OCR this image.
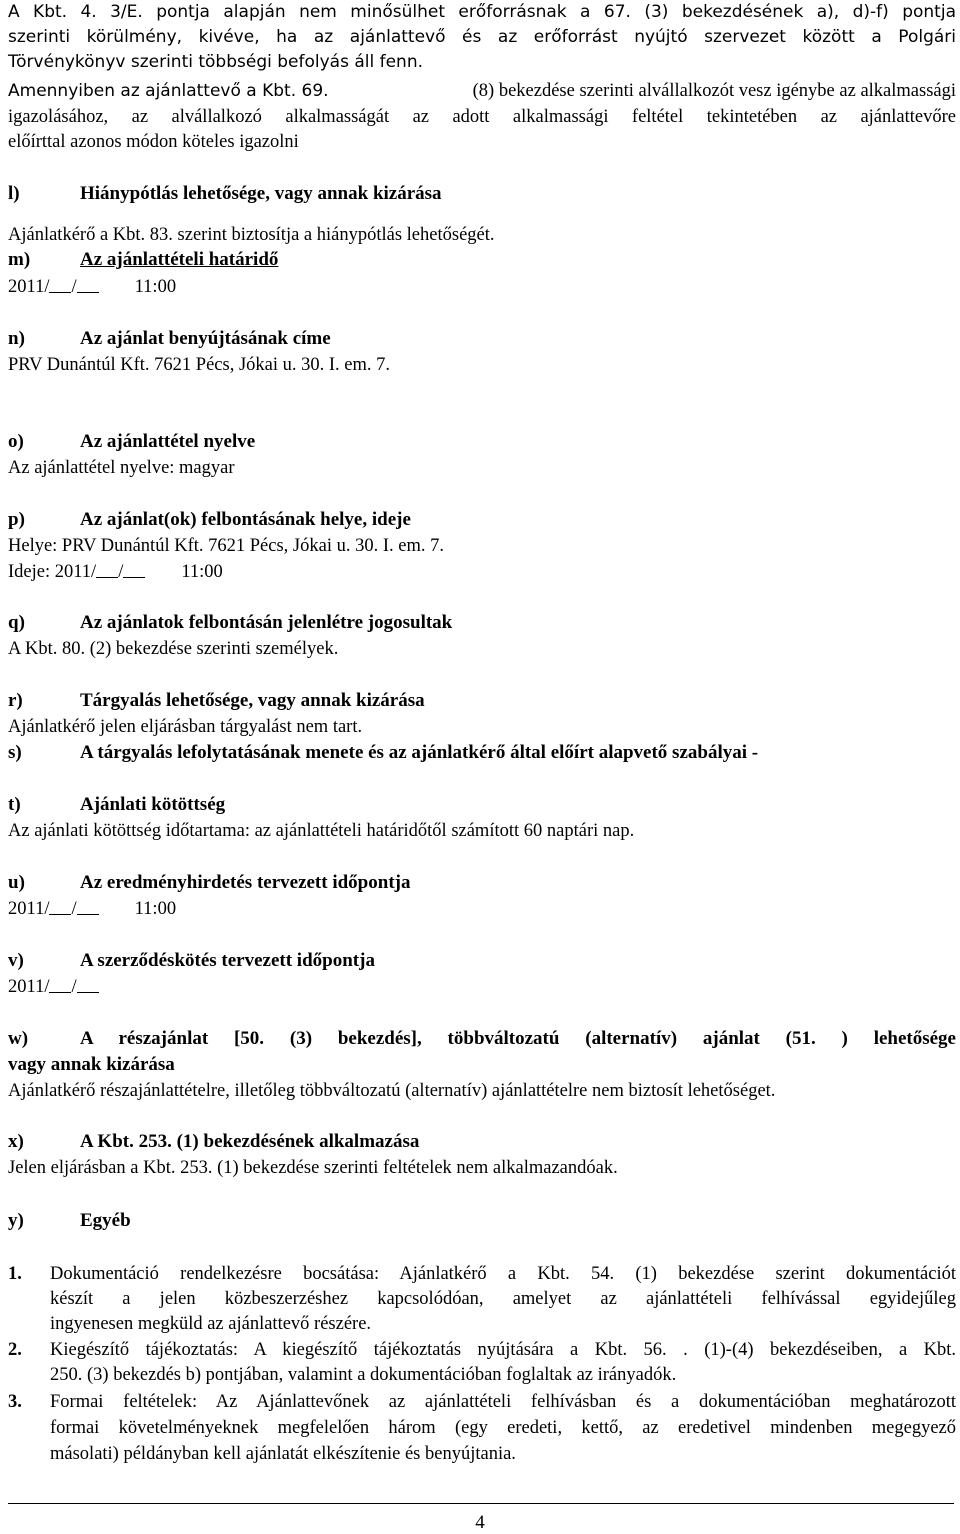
A Kbt. 4. 3/E. pontja alapján nem minősülhet erőforrásnak a 67. (3) bekezdésének a), d)-f) pontja
szerinti körülmény, kivéve, ha az ajánlattevő és az erőforrást nyújtó szervezet között a Polgári
Törvénykönyv szerinti többségi befolyás áll fenn.
Amennyiben az ajánlattevő a Kbt. 69.	(8) bekezdése szerinti alvállalkozót vesz igénybe az alkalmassági
igazolásához, az alvállalkozó alkalmasságát az adott alkalmassági feltétel tekintetében az ajánlattevőre
előírttal azonos módon köteles igazolni
l)	Hiánypótlás lehetősége, vagy annak kizárása
Ajánlatkérő a Kbt. 83. szerint biztosítja a hiánypótlás lehetőségét.
m)	Az ajánlattételi határidő
2011/ /	11:00
n)	Az ajánlat benyújtásának címe
PRV Dunántúl Kft. 7621 Pécs, Jókai u. 30. I. em. 7.
o)	Az ajánlattétel nyelve
Az ajánlattétel nyelve: magyar
p)	Az ajánlat(ok) felbontásának helye, ideje
Helye: PRV Dunántúl Kft. 7621 Pécs, Jókai u. 30. I. em. 7.
Ideje: 2011/ /	11:00
q)	Az ajánlatok felbontásán jelenlétre jogosultak
A Kbt. 80. (2) bekezdése szerinti személyek.
r)	Tárgyalás lehetősége, vagy annak kizárása
Ajánlatkérő jelen eljárásban tárgyalást nem tart.
s)	A tárgyalás lefolytatásának menete és az ajánlatkérő által előírt alapvető szabályai -
t)	Ajánlati kötöttség
Az ajánlati kötöttség időtartama: az ajánlattételi határidőtől számított 60 naptári nap.
u)	Az eredményhirdetés tervezett időpontja
2011/ /	11:00
v)	A szerződéskötés tervezett időpontja
2011/ /
w)	A részajánlat [50. (3) bekezdés], többváltozatú (alternatív) ajánlat (51. ) lehetősége
vagy annak kizárása
Ajánlatkérő részajánlattételre, illetőleg többváltozatú (alternatív) ajánlattételre nem biztosít lehetőséget.
x)	A Kbt. 253. (1) bekezdésének alkalmazása
Jelen eljárásban a Kbt. 253. (1) bekezdése szerinti feltételek nem alkalmazandóak.
y)	Egyéb
1. Dokumentáció rendelkezésre bocsátása: Ajánlatkérő a Kbt. 54. (1) bekezdése szerint dokumentációt
készít a jelen közbeszerzéshez kapcsolódóan, amelyet az ajánlattételi felhívással egyidejűleg
ingyenesen megküld az ajánlattevő részére.
2. Kiegészítő tájékoztatás: A kiegészítő tájékoztatás nyújtására a Kbt. 56. . (1)-(4) bekezdéseiben, a Kbt.
250. (3) bekezdés b) pontjában, valamint a dokumentációban foglaltak az irányadók.
3. Formai feltételek: Az Ajánlattevőnek az ajánlattételi felhívásban és a dokumentációban meghatározott
formai követelményeknek megfelelően három (egy eredeti, kettő, az eredetivel mindenben megegyező
másolati) példányban kell ajánlatát elkészítenie és benyújtania.
4
